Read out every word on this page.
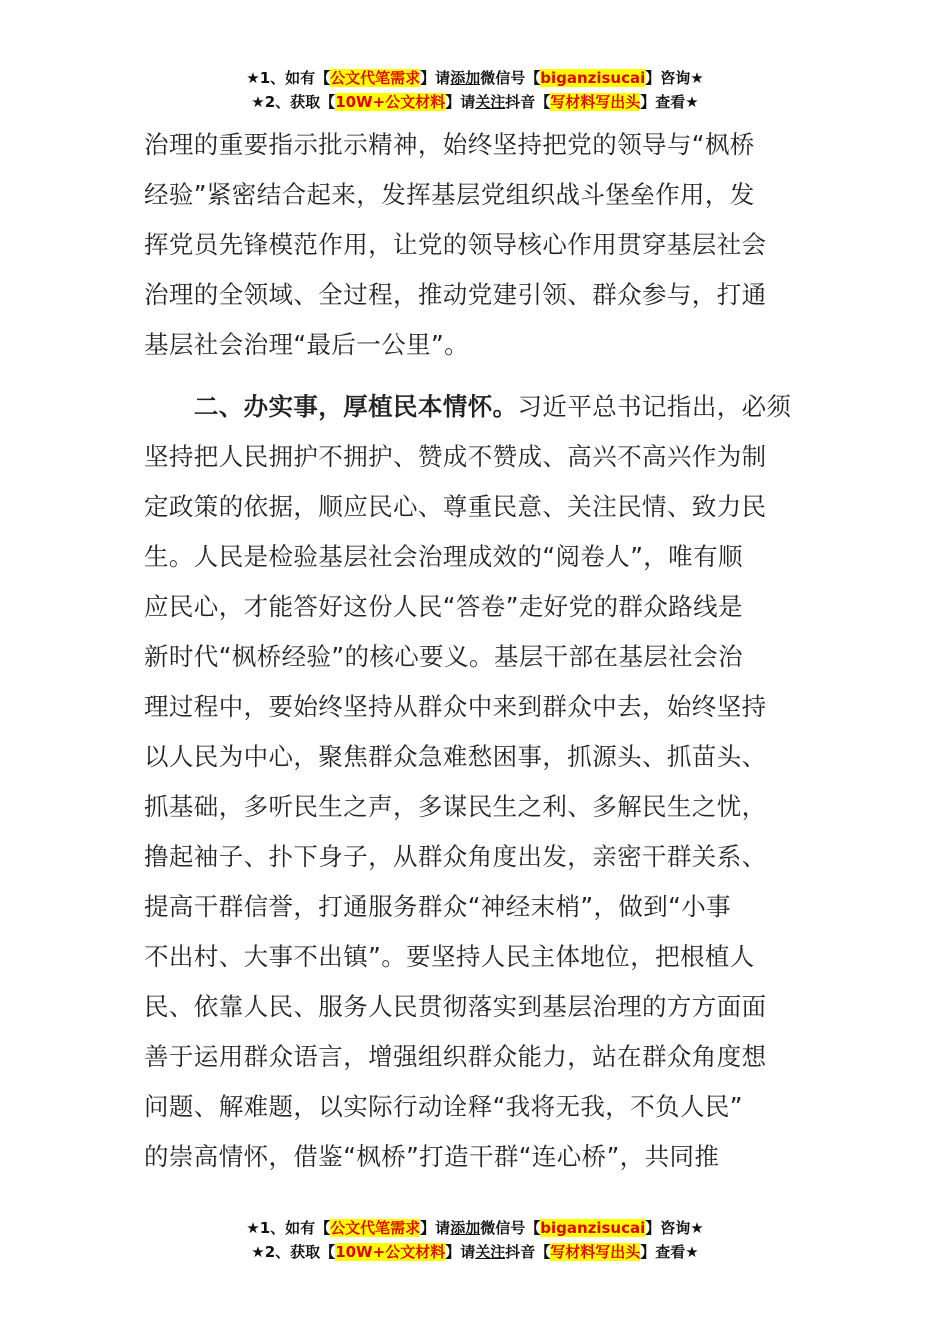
★1、如有【公文代笔需求】请添加微信号【biganzisucai】咨询★
★2、获取【10W+公文材料】请关注抖音【写材料写出头】查看★
治理的重要指示批示精神，始终坚持把党的领导与“枫桥
经验”紧密结合起来，发挥基层党组织战斗堡垒作用，发
挥党员先锋模范作用，让党的领导核心作用贯穿基层社会
治理的全领域、全过程，推动党建引领、群众参与，打通
基层社会治理“最后一公里”。
  二、办实事，厚植民本情怀。习近平总书记指出，必须
坚持把人民拥护不拥护、赞成不赞成、高兴不高兴作为制
定政策的依据，顺应民心、尊重民意、关注民情、致力民
生。人民是检验基层社会治理成效的“阅卷人”，唯有顺
应民心，才能答好这份人民“答卷”走好党的群众路线是
新时代“枫桥经验”的核心要义。基层干部在基层社会治
理过程中，要始终坚持从群众中来到群众中去，始终坚持
以人民为中心，聚焦群众急难愁困事，抓源头、抓苗头、
抓基础，多听民生之声，多谋民生之利、多解民生之忧，
撸起袖子、扑下身子，从群众角度出发，亲密干群关系、
提高干群信誉，打通服务群众“神经末梢”，做到“小事
不出村、大事不出镇”。要坚持人民主体地位，把根植人
民、依靠人民、服务人民贯彻落实到基层治理的方方面面
善于运用群众语言，增强组织群众能力，站在群众角度想
问题、解难题，以实际行动诠释“我将无我，不负人民”
的崇高情怀，借鉴“枫桥”打造干群“连心桥”，共同推
★1、如有【公文代笔需求】请添加微信号【biganzisucai】咨询★
★2、获取【10W+公文材料】请关注抖音【写材料写出头】查看★
